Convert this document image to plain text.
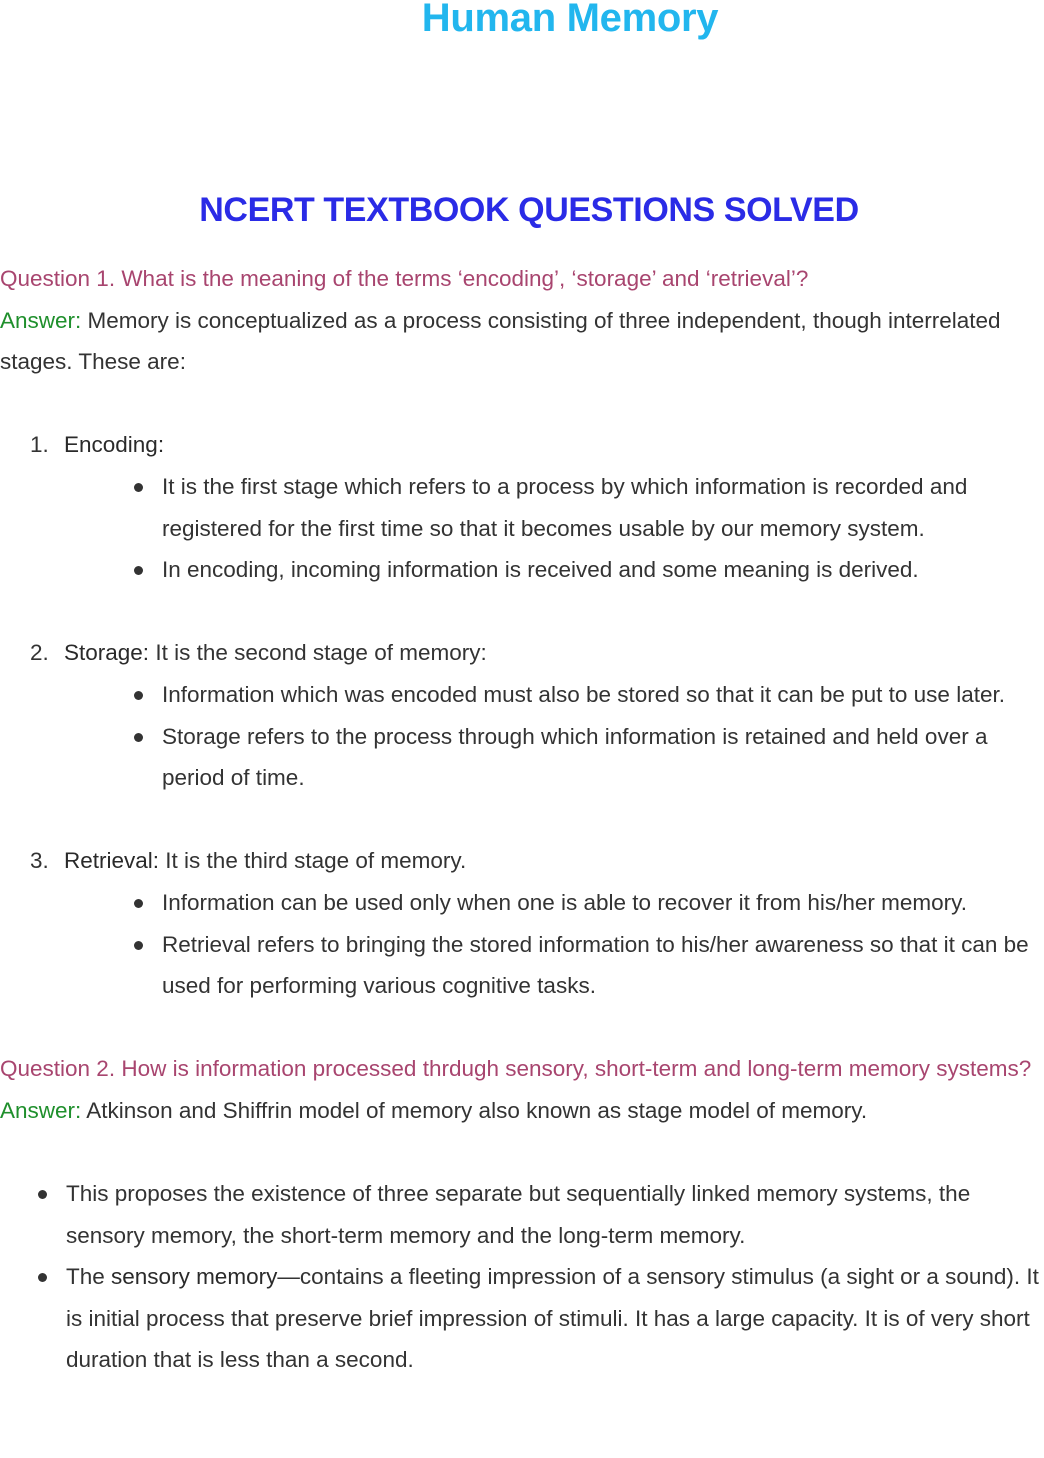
Human Memory
NCERT TEXTBOOK QUESTIONS SOLVED

Question 1. What is the meaning of the terms ‘encoding’, ‘storage’ and ‘retrieval’?

Answer: Memory is conceptualized as a process consisting of three independent, though interrelated stages. These are:

1. Encoding:
It is the first stage which refers to a process by which information is recorded and registered for the first time so that it becomes usable by our memory system.
In encoding, incoming information is received and some meaning is derived.
2. Storage: It is the second stage of memory:
Information which was encoded must also be stored so that it can be put to use later.
Storage refers to the process through which information is retained and held over a period of time.
3. Retrieval: It is the third stage of memory.
Information can be used only when one is able to recover it from his/her memory.
Retrieval refers to bringing the stored information to his/her awareness so that it can be used for performing various cognitive tasks.

Question 2. How is information processed thrdugh sensory, short-term and long-term memory systems?

Answer: Atkinson and Shiffrin model of memory also known as stage model of memory.

This proposes the existence of three separate but sequentially linked memory systems, the sensory memory, the short-term memory and the long-term memory.
The sensory memory—contains a fleeting impression of a sensory stimulus (a sight or a sound). It is initial process that preserve brief impression of stimuli. It has a large capacity. It is of very short duration that is less than a second.
